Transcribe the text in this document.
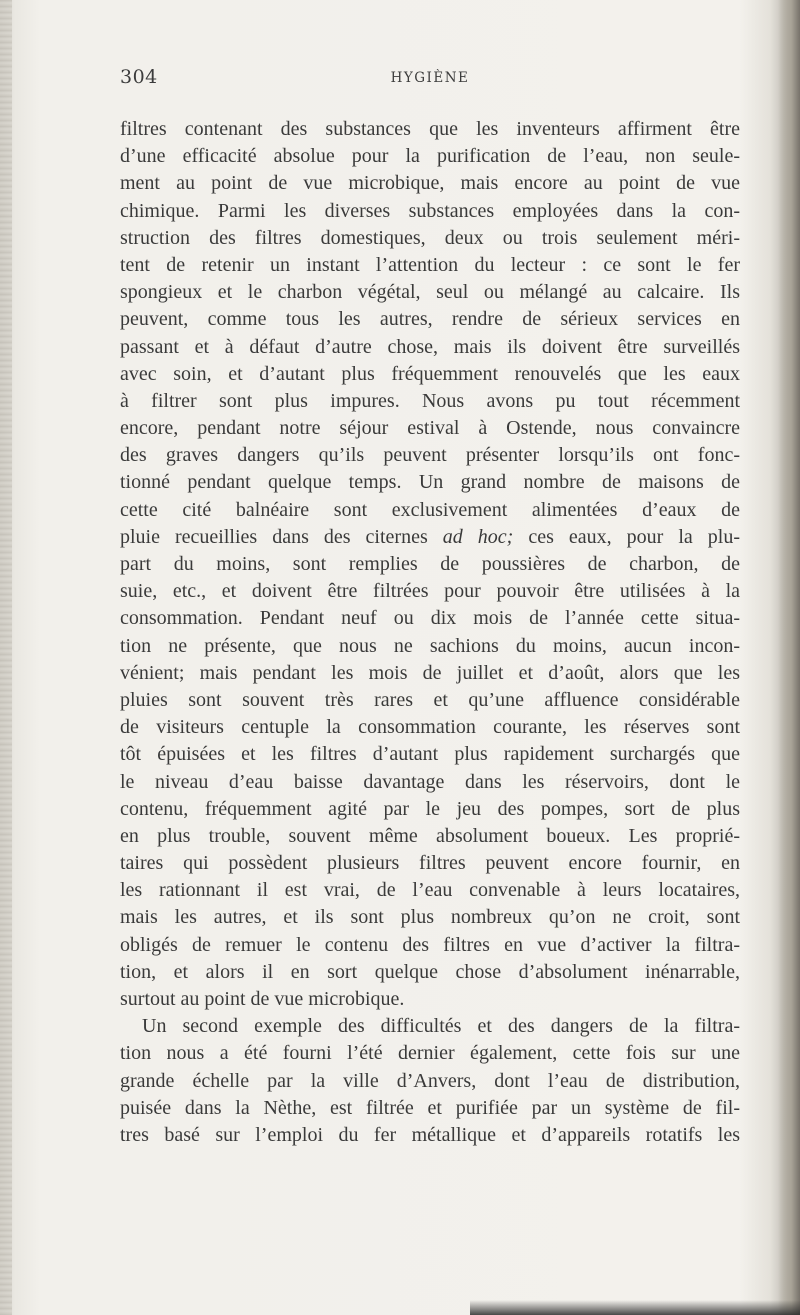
304	HYGIÈNE
filtres contenant des substances que les inventeurs affirment être
d’une efficacité absolue pour la purification de l’eau, non seule-
ment au point de vue microbique, mais encore au point de vue
chimique. Parmi les diverses substances employées dans la con-
struction des filtres domestiques, deux ou trois seulement méri-
tent de retenir un instant l’attention du lecteur : ce sont le fer
spongieux et le charbon végétal, seul ou mélangé au calcaire. Ils
peuvent, comme tous les autres, rendre de sérieux services en
passant et à défaut d’autre chose, mais ils doivent être surveillés
avec soin, et d’autant plus fréquemment renouvelés que les eaux
à filtrer sont plus impures. Nous avons pu tout récemment
encore, pendant notre séjour estival à Ostende, nous convaincre
des graves dangers qu’ils peuvent présenter lorsqu’ils ont fonc-
tionné pendant quelque temps. Un grand nombre de maisons de
cette cité balnéaire sont exclusivement alimentées d’eaux de
pluie recueillies dans des citernes ad hoc; ces eaux, pour la plu-
part du moins, sont remplies de poussières de charbon, de
suie, etc., et doivent être filtrées pour pouvoir être utilisées à la
consommation. Pendant neuf ou dix mois de l’année cette situa-
tion ne présente, que nous ne sachions du moins, aucun incon-
vénient; mais pendant les mois de juillet et d’août, alors que les
pluies sont souvent très rares et qu’une affluence considérable
de visiteurs centuple la consommation courante, les réserves sont
tôt épuisées et les filtres d’autant plus rapidement surchargés que
le niveau d’eau baisse davantage dans les réservoirs, dont le
contenu, fréquemment agité par le jeu des pompes, sort de plus
en plus trouble, souvent même absolument boueux. Les proprié-
taires qui possèdent plusieurs filtres peuvent encore fournir, en
les rationnant il est vrai, de l’eau convenable à leurs locataires,
mais les autres, et ils sont plus nombreux qu’on ne croit, sont
obligés de remuer le contenu des filtres en vue d’activer la filtra-
tion, et alors il en sort quelque chose d’absolument inénarrable,
surtout au point de vue microbique.
Un second exemple des difficultés et des dangers de la filtra-
tion nous a été fourni l’été dernier également, cette fois sur une
grande échelle par la ville d’Anvers, dont l’eau de distribution,
puisée dans la Nèthe, est filtrée et purifiée par un système de fil-
tres basé sur l’emploi du fer métallique et d’appareils rotatifs les
